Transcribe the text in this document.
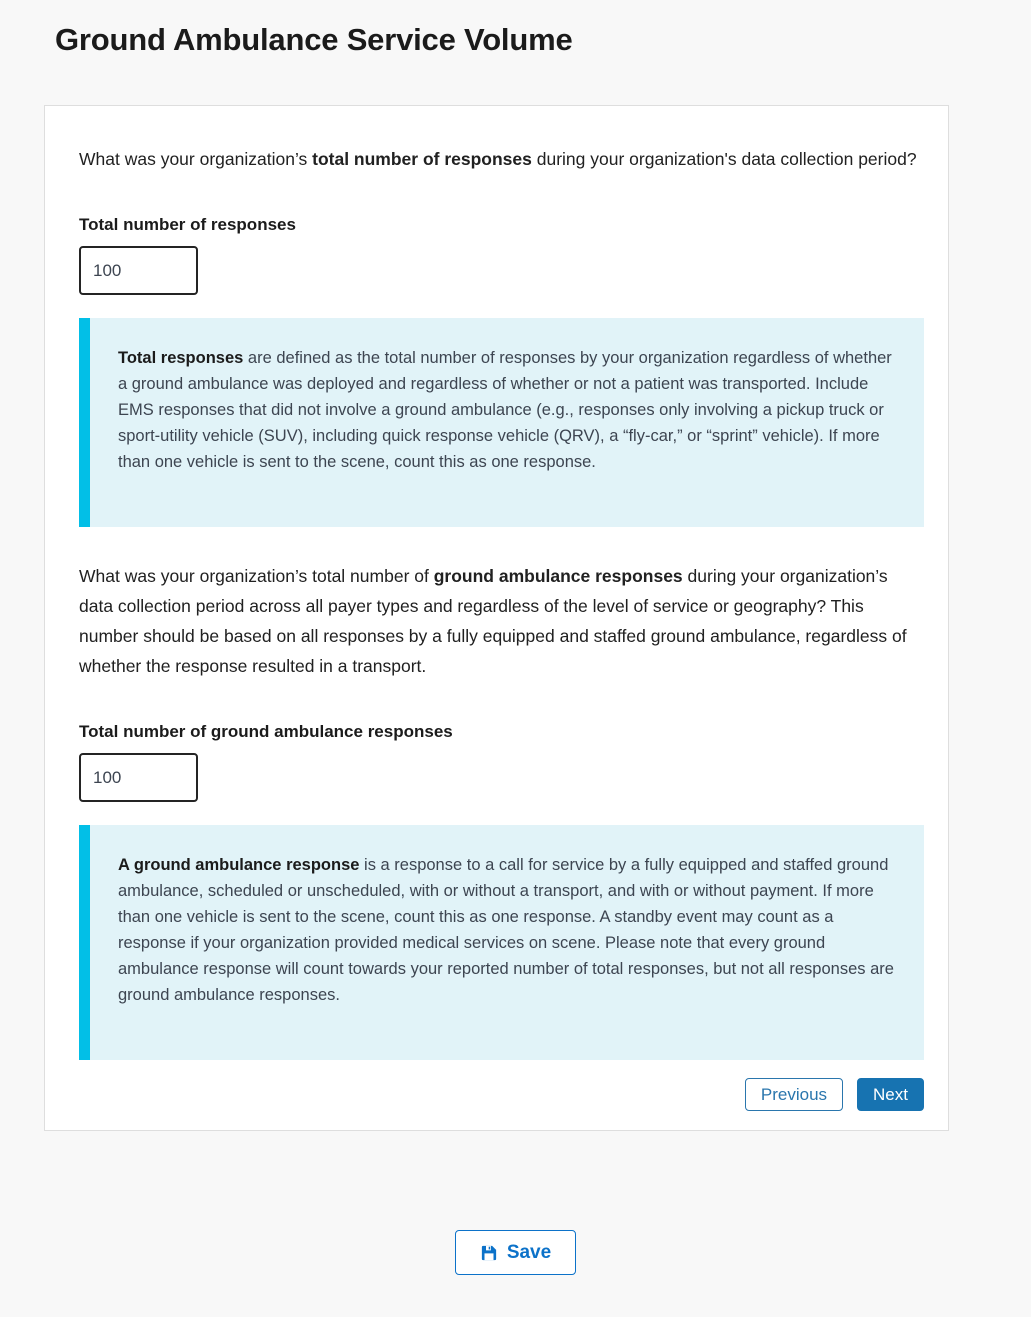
Ground Ambulance Service Volume

What was your organization’s total number of responses during your organization's data collection period?

Total number of responses
100
Total responses are defined as the total number of responses by your organization regardless of whether a ground ambulance was deployed and regardless of whether or not a patient was transported. Include EMS responses that did not involve a ground ambulance (e.g., responses only involving a pickup truck or sport-utility vehicle (SUV), including quick response vehicle (QRV), a “fly-car,” or “sprint” vehicle). If more than one vehicle is sent to the scene, count this as one response.

What was your organization’s total number of ground ambulance responses during your organization’s data collection period across all payer types and regardless of the level of service or geography? This number should be based on all responses by a fully equipped and staffed ground ambulance, regardless of whether the response resulted in a transport.

Total number of ground ambulance responses
100
A ground ambulance response is a response to a call for service by a fully equipped and staffed ground ambulance, scheduled or unscheduled, with or without a transport, and with or without payment. If more than one vehicle is sent to the scene, count this as one response. A standby event may count as a response if your organization provided medical services on scene. Please note that every ground ambulance response will count towards your reported number of total responses, but not all responses are ground ambulance responses.
Previous	Next
Save
